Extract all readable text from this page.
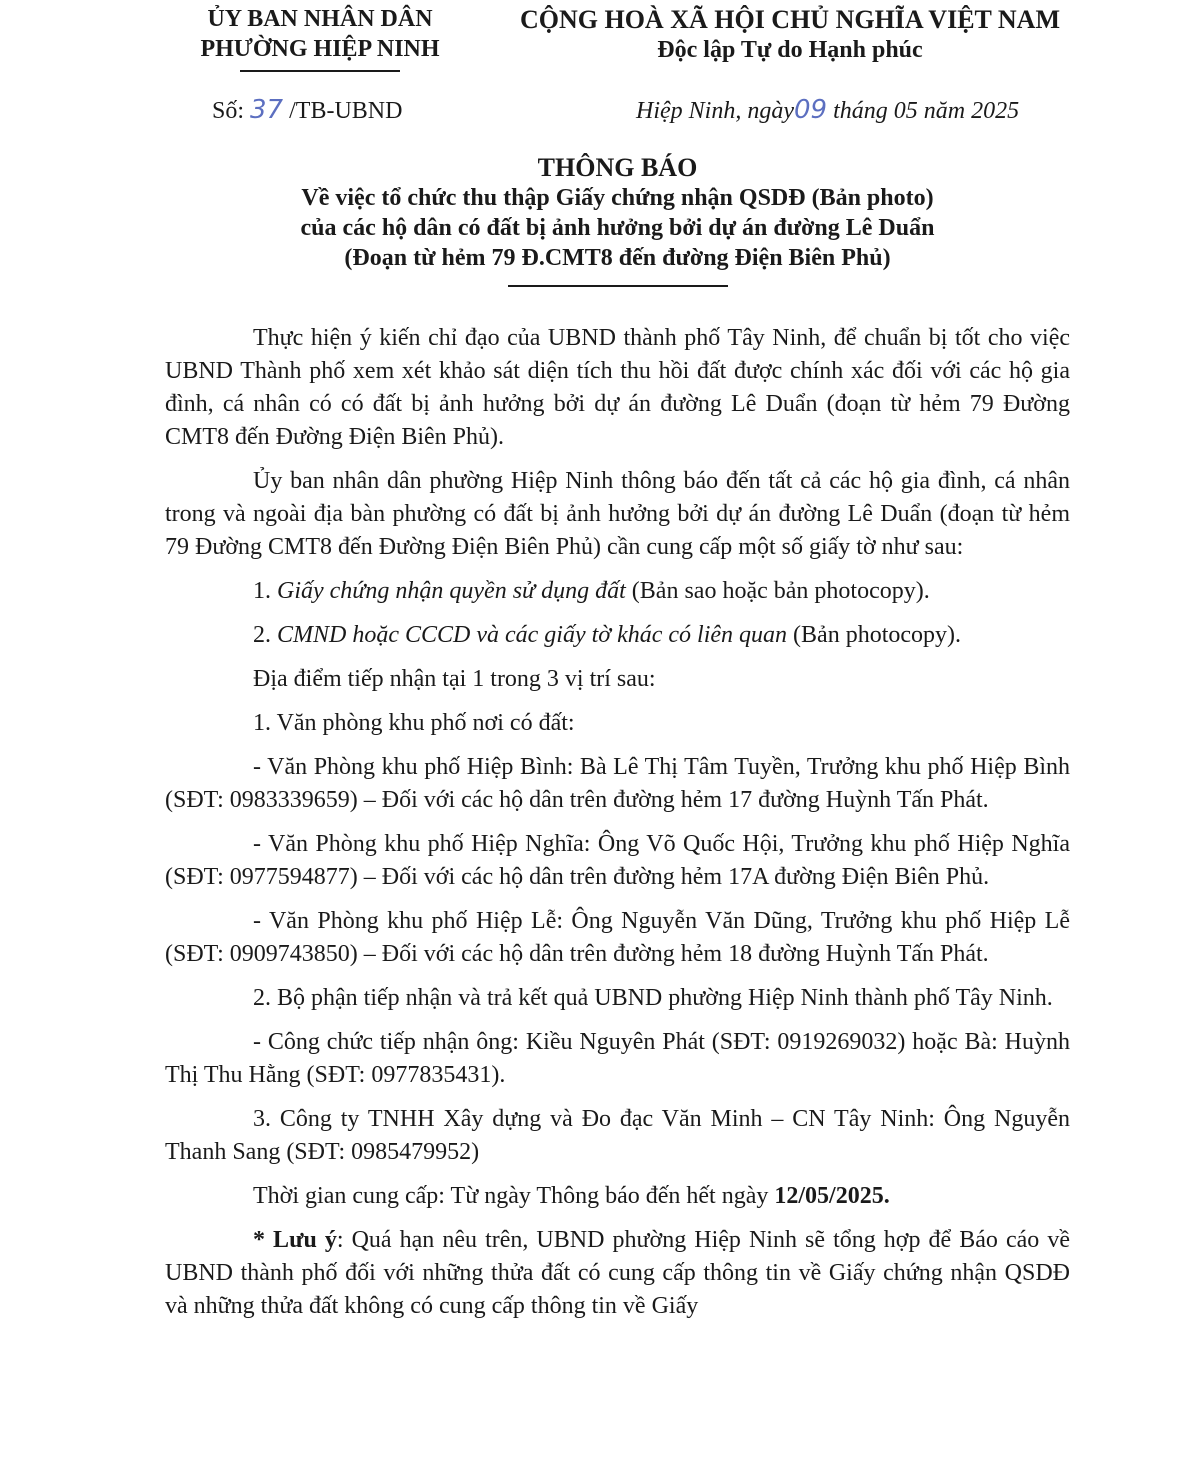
ỦY BAN NHÂN DÂN
PHƯỜNG HIỆP NINH
CỘNG HOÀ XÃ HỘI CHỦ NGHĨA VIỆT NAM
Độc lập Tự do Hạnh phúc
Số: 37 /TB-UBND	Hiệp Ninh, ngày09 tháng 05 năm 2025
THÔNG BÁO
Về việc tổ chức thu thập Giấy chứng nhận QSDĐ (Bản photo)
của các hộ dân có đất bị ảnh hưởng bởi dự án đường Lê Duẩn
(Đoạn từ hẻm 79 Đ.CMT8 đến đường Điện Biên Phủ)

Thực hiện ý kiến chỉ đạo của UBND thành phố Tây Ninh, để chuẩn bị tốt cho việc UBND Thành phố xem xét khảo sát diện tích thu hồi đất được chính xác đối với các hộ gia đình, cá nhân có có đất bị ảnh hưởng bởi dự án đường Lê Duẩn (đoạn từ hẻm 79 Đường CMT8 đến Đường Điện Biên Phủ).

Ủy ban nhân dân phường Hiệp Ninh thông báo đến tất cả các hộ gia đình, cá nhân trong và ngoài địa bàn phường có đất bị ảnh hưởng bởi dự án đường Lê Duẩn (đoạn từ hẻm 79 Đường CMT8 đến Đường Điện Biên Phủ) cần cung cấp một số giấy tờ như sau:

1. Giấy chứng nhận quyền sử dụng đất (Bản sao hoặc bản photocopy).

2. CMND hoặc CCCD và các giấy tờ khác có liên quan (Bản photocopy).

Địa điểm tiếp nhận tại 1 trong 3 vị trí sau:

1. Văn phòng khu phố nơi có đất:

- Văn Phòng khu phố Hiệp Bình: Bà Lê Thị Tâm Tuyền, Trưởng khu phố Hiệp Bình (SĐT: 0983339659) – Đối với các hộ dân trên đường hẻm 17 đường Huỳnh Tấn Phát.

- Văn Phòng khu phố Hiệp Nghĩa: Ông Võ Quốc Hội, Trưởng khu phố Hiệp Nghĩa (SĐT: 0977594877) – Đối với các hộ dân trên đường hẻm 17A đường Điện Biên Phủ.

- Văn Phòng khu phố Hiệp Lễ: Ông Nguyễn Văn Dũng, Trưởng khu phố Hiệp Lễ (SĐT: 0909743850) – Đối với các hộ dân trên đường hẻm 18 đường Huỳnh Tấn Phát.

2. Bộ phận tiếp nhận và trả kết quả UBND phường Hiệp Ninh thành phố Tây Ninh.

- Công chức tiếp nhận ông: Kiều Nguyên Phát (SĐT: 0919269032) hoặc Bà: Huỳnh Thị Thu Hằng (SĐT: 0977835431).

3. Công ty TNHH Xây dựng và Đo đạc Văn Minh – CN Tây Ninh: Ông Nguyễn Thanh Sang (SĐT: 0985479952)

Thời gian cung cấp: Từ ngày Thông báo đến hết ngày 12/05/2025.

* Lưu ý: Quá hạn nêu trên, UBND phường Hiệp Ninh sẽ tổng hợp để Báo cáo về UBND thành phố đối với những thửa đất có cung cấp thông tin về Giấy chứng nhận QSDĐ và những thửa đất không có cung cấp thông tin về Giấy
